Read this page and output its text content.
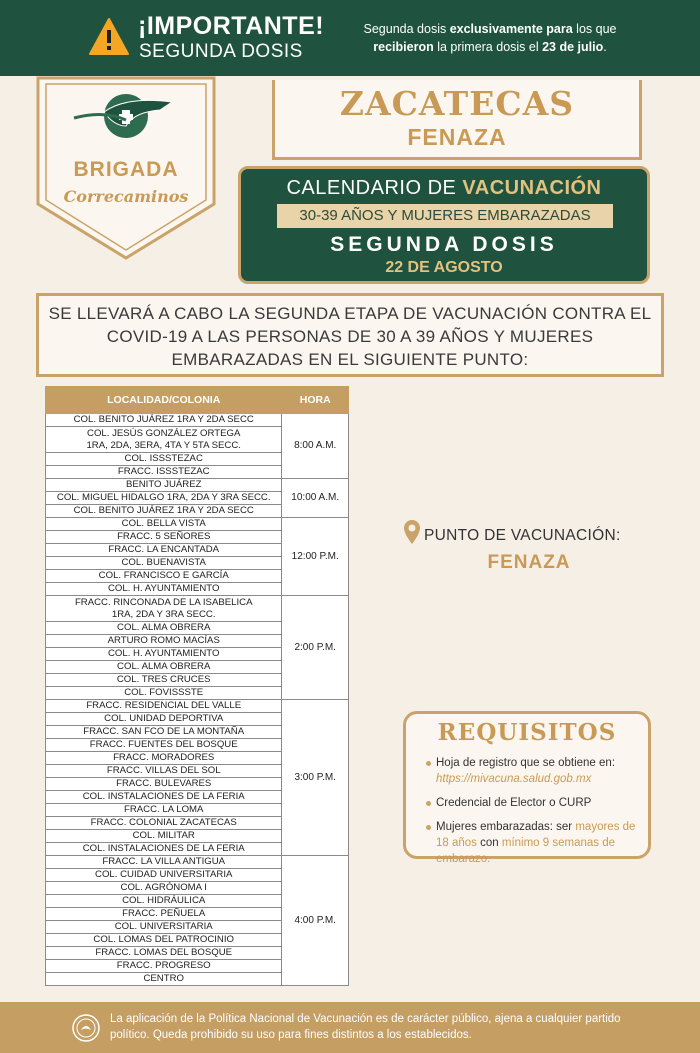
¡IMPORTANTE!
SEGUNDA DOSIS
Segunda dosis exclusivamente para los que
recibieron la primera dosis el 23 de julio.
BRIGADA
Correcaminos
ZACATECAS
FENAZA
CALENDARIO DE VACUNACIÓN
30-39 AÑOS Y MUJERES EMBARAZADAS
SEGUNDA DOSIS
22 DE AGOSTO
SE LLEVARÁ A CABO LA SEGUNDA ETAPA DE VACUNACIÓN CONTRA EL COVID-19 A LAS PERSONAS DE 30 A 39 AÑOS Y MUJERES EMBARAZADAS EN EL SIGUIENTE PUNTO:
LOCALIDAD/COLONIA	HORA
COL. BENITO JUÁREZ 1RA Y 2DA SECC	8:00 A.M.
COL. JESÚS GONZÁLEZ ORTEGA
1RA, 2DA, 3ERA, 4TA Y 5TA SECC.	
COL. ISSSTEZAC	
FRACC. ISSSTEZAC	
BENITO JUÁREZ	10:00 A.M.
COL. MIGUEL HIDALGO 1RA, 2DA Y 3RA SECC.	
COL. BENITO JUÁREZ 1RA Y 2DA SECC	
COL. BELLA VISTA	12:00 P.M.
FRACC. 5 SEÑORES	
FRACC. LA ENCANTADA	
COL. BUENAVISTA	
COL. FRANCISCO E GARCÍA	
COL. H. AYUNTAMIENTO	
FRACC. RINCONADA DE LA ISABELICA
1RA, 2DA Y 3RA SECC.	2:00 P.M.
COL. ALMA OBRERA	
ARTURO ROMO MACÍAS	
COL. H. AYUNTAMIENTO	
COL. ALMA OBRERA	
COL. TRES CRUCES	
COL. FOVISSSTE	
FRACC. RESIDENCIAL DEL VALLE	3:00 P.M.
COL. UNIDAD DEPORTIVA	
FRACC. SAN FCO DE LA MONTAÑA	
FRACC. FUENTES DEL BOSQUE	
FRACC. MORADORES	
FRACC. VILLAS DEL SOL	
FRACC. BULEVARES	
COL. INSTALACIONES DE LA FERIA	
FRACC. LA LOMA	
FRACC. COLONIAL ZACATECAS	
COL. MILITAR	
COL. INSTALACIONES DE LA FERIA	
FRACC. LA VILLA ANTIGUA	4:00 P.M.
COL. CUIDAD UNIVERSITARIA	
COL. AGRÓNOMA I	
COL. HIDRÁULICA	
FRACC. PEÑUELA	
COL. UNIVERSITARIA	
COL. LOMAS DEL PATROCINIO	
FRACC. LOMAS DEL BOSQUE	
FRACC. PROGRESO	
CENTRO	
PUNTO DE VACUNACIÓN:
FENAZA
REQUISITOS
Hoja de registro que se obtiene en: https://mivacuna.salud.gob.mx
Credencial de Elector o CURP
Mujeres embarazadas: ser mayores de 18 años con mínimo 9 semanas de embarazo.
La aplicación de la Política Nacional de Vacunación es de carácter público, ajena a cualquier partido político. Queda prohibido su uso para fines distintos a los establecidos.
